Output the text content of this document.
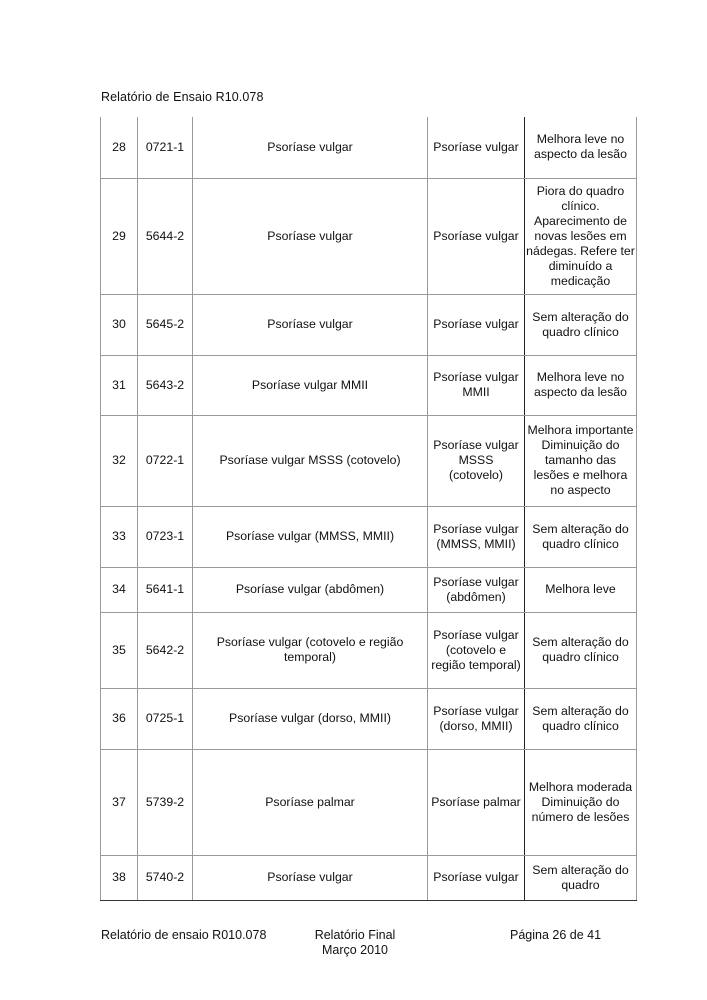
Relatório de Ensaio R10.078
28	0721-1	Psoríase vulgar	Psoríase vulgar	Melhora leve no aspecto da lesão
29	5644-2	Psoríase vulgar	Psoríase vulgar	Piora do quadro clínico. Aparecimento de novas lesões em nádegas. Refere ter diminuído a medicação
30	5645-2	Psoríase vulgar	Psoríase vulgar	Sem alteração do quadro clínico
31	5643-2	Psoríase vulgar MMII	Psoríase vulgar MMII	Melhora leve no aspecto da lesão
32	0722-1	Psoríase vulgar MSSS (cotovelo)	Psoríase vulgar MSSS (cotovelo)	Melhora importante Diminuição do tamanho das lesões e melhora no aspecto
33	0723-1	Psoríase vulgar (MMSS, MMII)	Psoríase vulgar (MMSS, MMII)	Sem alteração do quadro clínico
34	5641-1	Psoríase vulgar (abdômen)	Psoríase vulgar (abdômen)	Melhora leve
35	5642-2	Psoríase vulgar (cotovelo e região temporal)	Psoríase vulgar (cotovelo e região temporal)	Sem alteração do quadro clínico
36	0725-1	Psoríase vulgar (dorso, MMII)	Psoríase vulgar (dorso, MMII)	Sem alteração do quadro clínico
37	5739-2	Psoríase palmar	Psoríase palmar	Melhora moderada Diminuição do número de lesões
38	5740-2	Psoríase vulgar	Psoríase vulgar	Sem alteração do quadro
Relatório de ensaio R010.078	Relatório Final
Março 2010
Página 26 de 41
